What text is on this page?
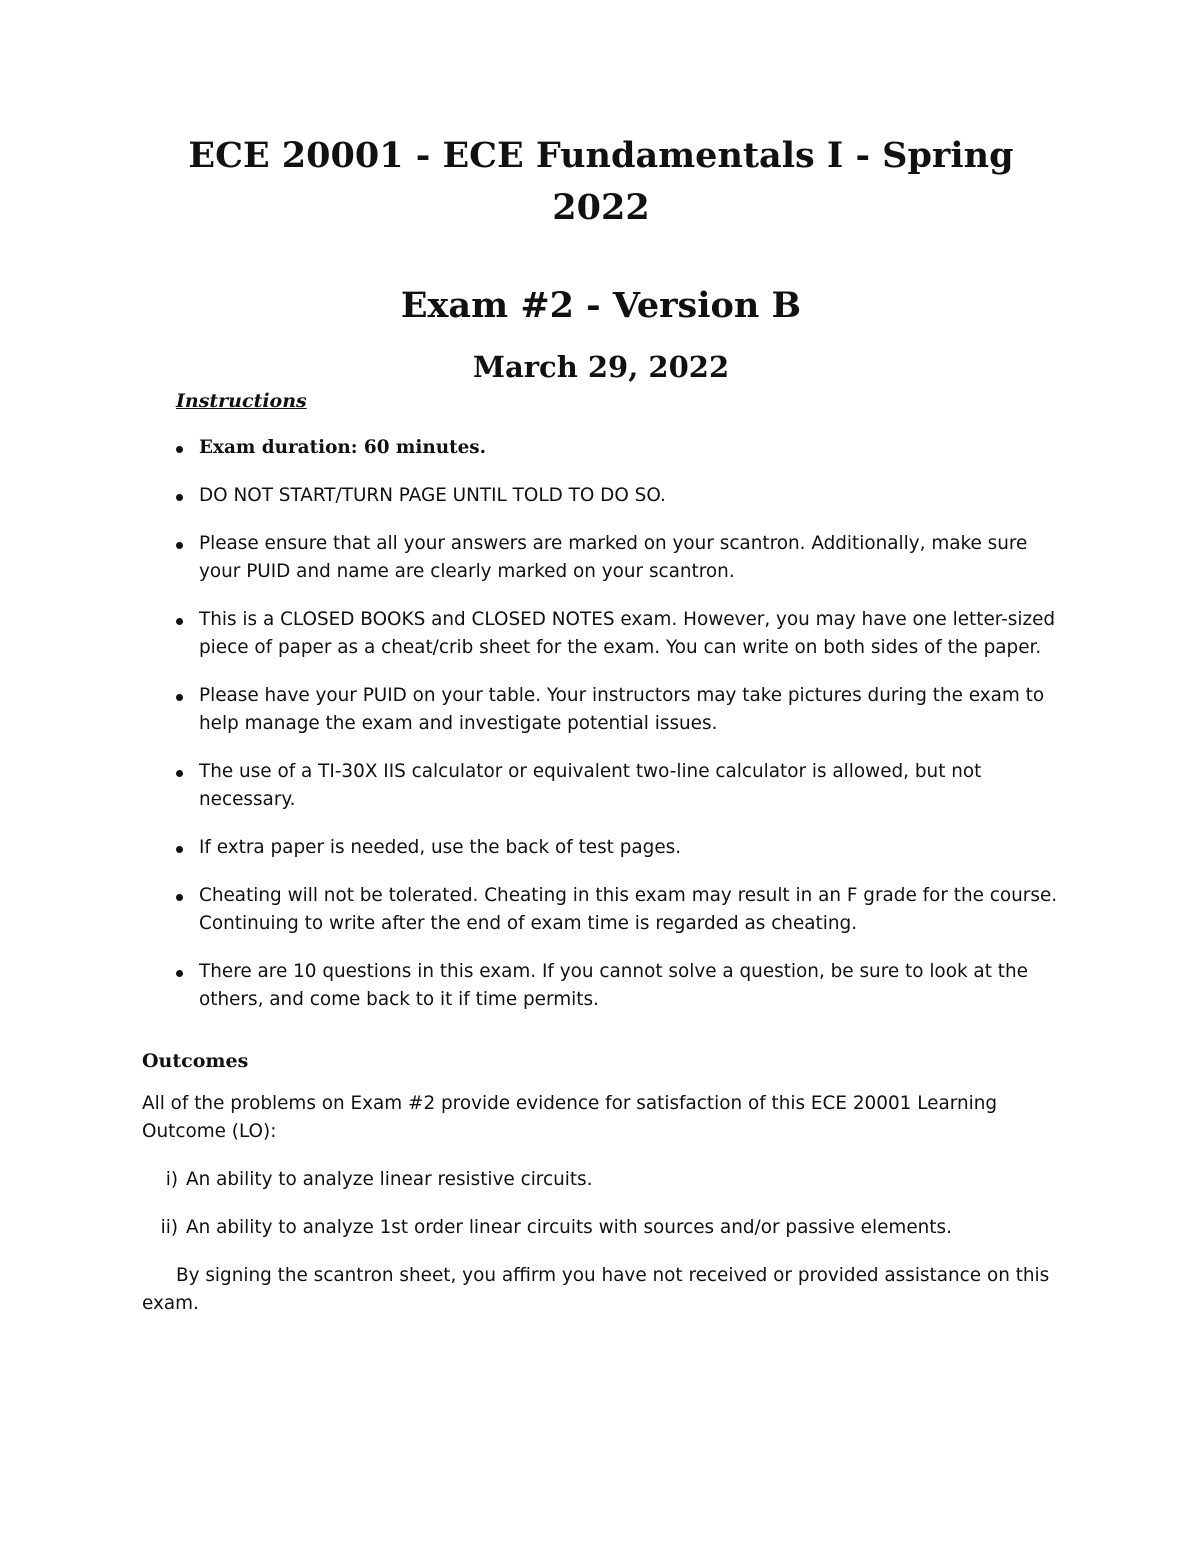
ECE 20001 - ECE Fundamentals I - Spring 2022
Exam #2 - Version B
March 29, 2022
Instructions
Exam duration: 60 minutes.
DO NOT START/TURN PAGE UNTIL TOLD TO DO SO.
Please ensure that all your answers are marked on your scantron. Additionally, make sure your PUID and name are clearly marked on your scantron.
This is a CLOSED BOOKS and CLOSED NOTES exam. However, you may have one letter-sized piece of paper as a cheat/crib sheet for the exam. You can write on both sides of the paper.
Please have your PUID on your table. Your instructors may take pictures during the exam to help manage the exam and investigate potential issues.
The use of a TI-30X IIS calculator or equivalent two-line calculator is allowed, but not necessary.
If extra paper is needed, use the back of test pages.
Cheating will not be tolerated. Cheating in this exam may result in an F grade for the course. Continuing to write after the end of exam time is regarded as cheating.
There are 10 questions in this exam. If you cannot solve a question, be sure to look at the others, and come back to it if time permits.
Outcomes

All of the problems on Exam #2 provide evidence for satisfaction of this ECE 20001 Learning Outcome (LO):

i) An ability to analyze linear resistive circuits.
ii) An ability to analyze 1st order linear circuits with sources and/or passive elements.

By signing the scantron sheet, you affirm you have not received or provided assistance on this exam.
